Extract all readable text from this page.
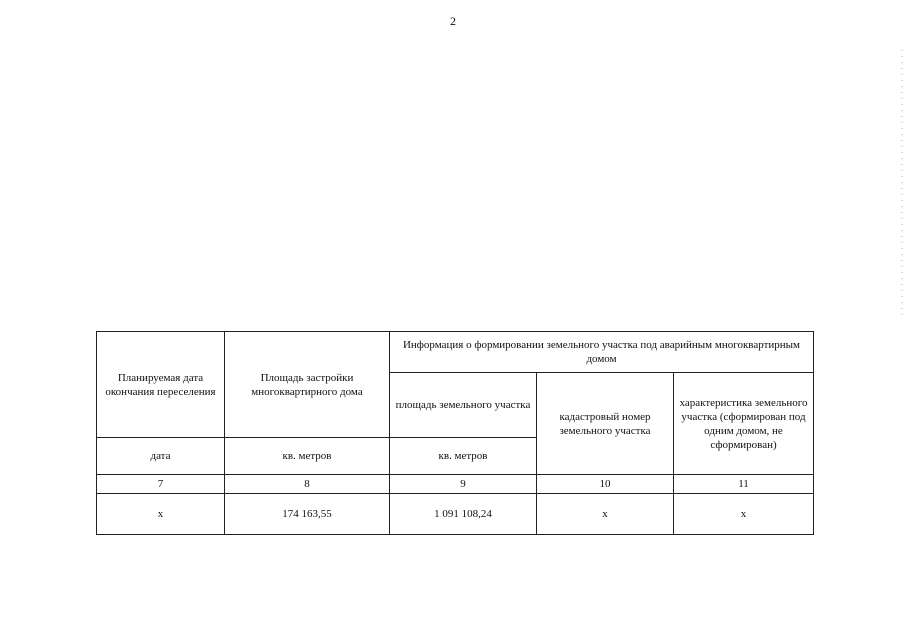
2
Планируемая дата окончания переселения	Площадь застройки многоквартирного дома	Информация о формировании земельного участка под аварийным многоквартирным домом		
		площадь земельного участка	кадастровый номер земельного участка	характеристика земельного участка (сформирован под одним домом, не сформирован)
дата	кв. метров	кв. метров		
7	8	9	10	11
x	174 163,55	1 091 108,24	x	x
